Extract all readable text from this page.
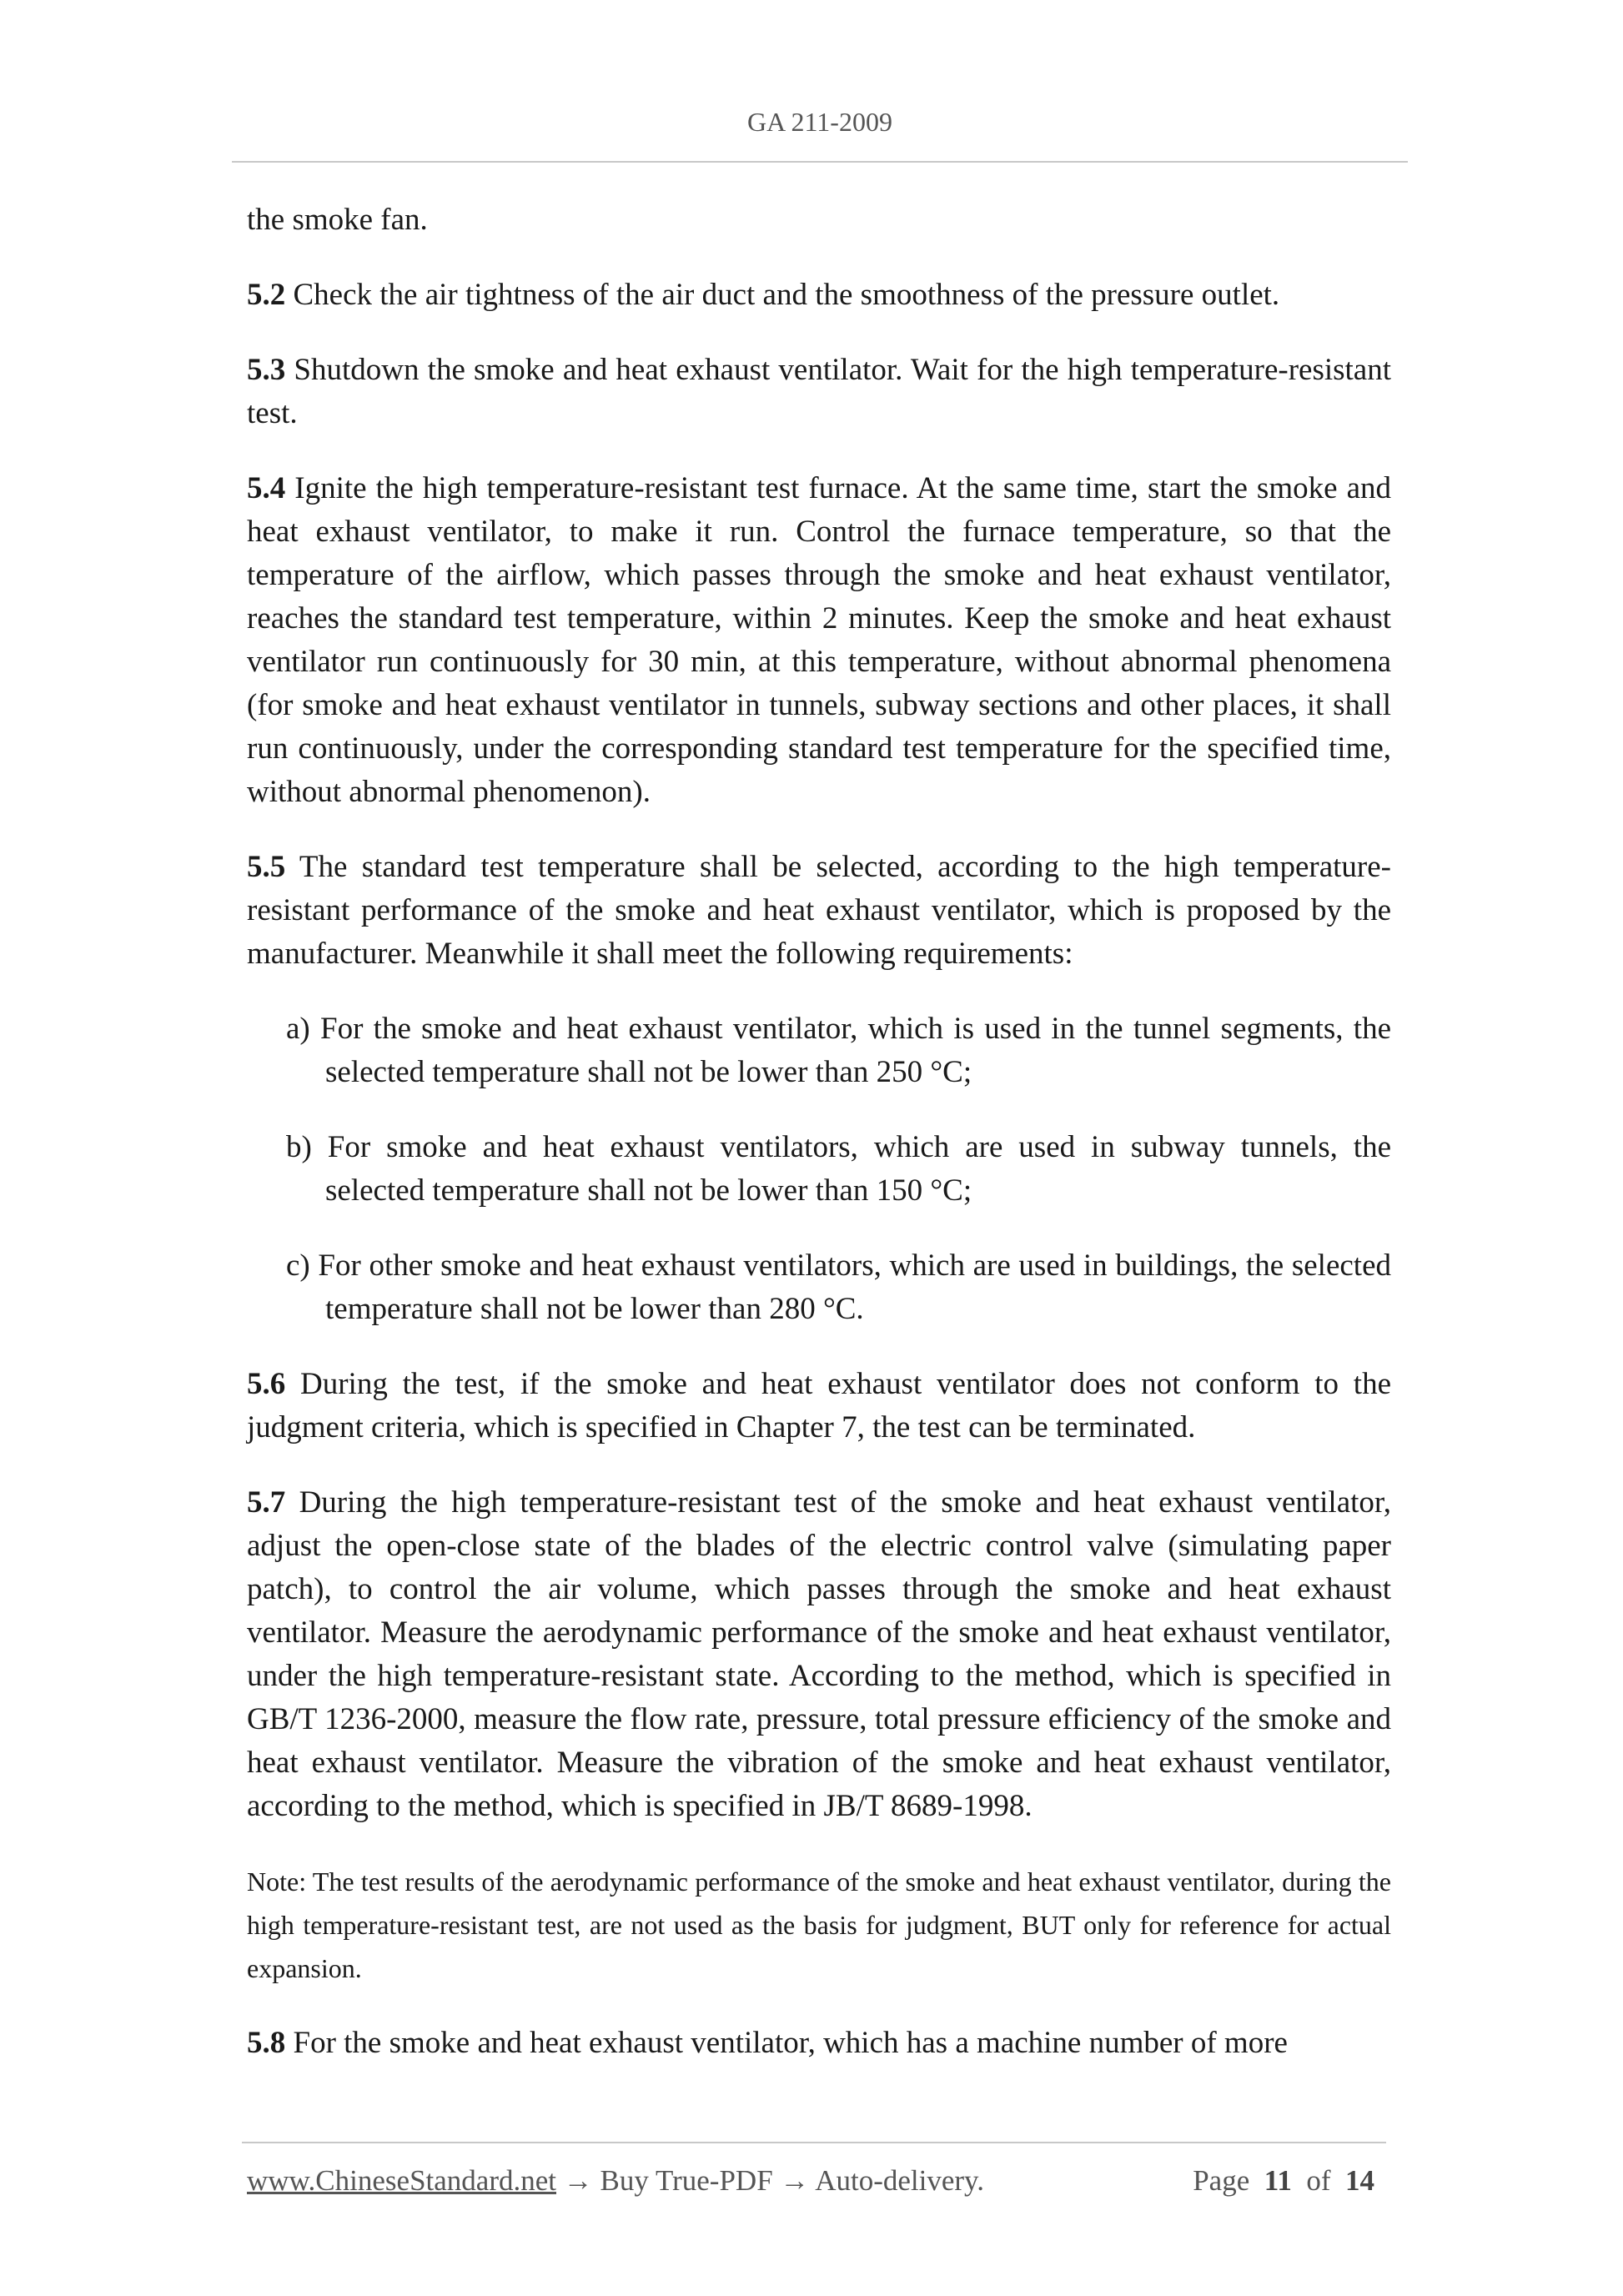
GA 211-2009

the smoke fan.

5.2 Check the air tightness of the air duct and the smoothness of the pressure outlet.

5.3 Shutdown the smoke and heat exhaust ventilator. Wait for the high temperature-resistant test.

5.4 Ignite the high temperature-resistant test furnace. At the same time, start the smoke and heat exhaust ventilator, to make it run. Control the furnace temperature, so that the temperature of the airflow, which passes through the smoke and heat exhaust ventilator, reaches the standard test temperature, within 2 minutes. Keep the smoke and heat exhaust ventilator run continuously for 30 min, at this temperature, without abnormal phenomena (for smoke and heat exhaust ventilator in tunnels, subway sections and other places, it shall run continuously, under the corresponding standard test temperature for the specified time, without abnormal phenomenon).

5.5 The standard test temperature shall be selected, according to the high temperature-resistant performance of the smoke and heat exhaust ventilator, which is proposed by the manufacturer. Meanwhile it shall meet the following requirements:

a) For the smoke and heat exhaust ventilator, which is used in the tunnel segments, the selected temperature shall not be lower than 250 °C;

b) For smoke and heat exhaust ventilators, which are used in subway tunnels, the selected temperature shall not be lower than 150 °C;

c) For other smoke and heat exhaust ventilators, which are used in buildings, the selected temperature shall not be lower than 280 °C.

5.6 During the test, if the smoke and heat exhaust ventilator does not conform to the judgment criteria, which is specified in Chapter 7, the test can be terminated.

5.7 During the high temperature-resistant test of the smoke and heat exhaust ventilator, adjust the open-close state of the blades of the electric control valve (simulating paper patch), to control the air volume, which passes through the smoke and heat exhaust ventilator. Measure the aerodynamic performance of the smoke and heat exhaust ventilator, under the high temperature-resistant state. According to the method, which is specified in GB/T 1236-2000, measure the flow rate, pressure, total pressure efficiency of the smoke and heat exhaust ventilator. Measure the vibration of the smoke and heat exhaust ventilator, according to the method, which is specified in JB/T 8689-1998.

Note: The test results of the aerodynamic performance of the smoke and heat exhaust ventilator, during the high temperature-resistant test, are not used as the basis for judgment, BUT only for reference for actual expansion.

5.8 For the smoke and heat exhaust ventilator, which has a machine number of more

www.ChineseStandard.net → Buy True-PDF → Auto-delivery.	Page 11 of 14
